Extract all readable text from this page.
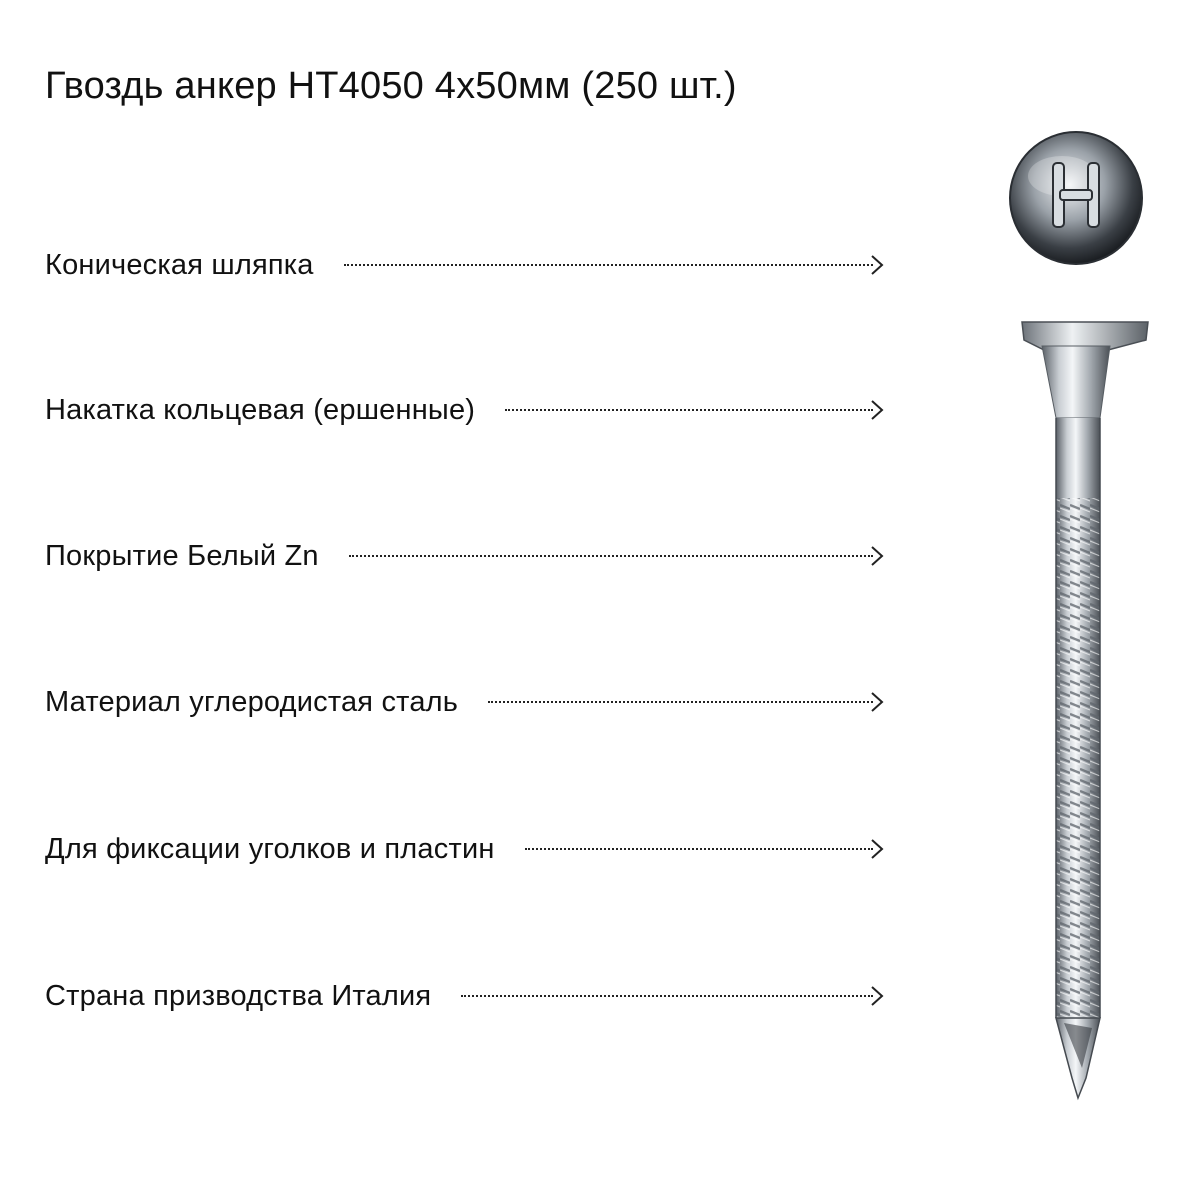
Гвоздь анкер HT4050 4x50мм (250 шт.)
Коническая шляпка
Накатка кольцевая (ершенные)
Покрытие Белый Zn
Материал углеродистая сталь
Для фиксации уголков и пластин
Страна призводства Италия
